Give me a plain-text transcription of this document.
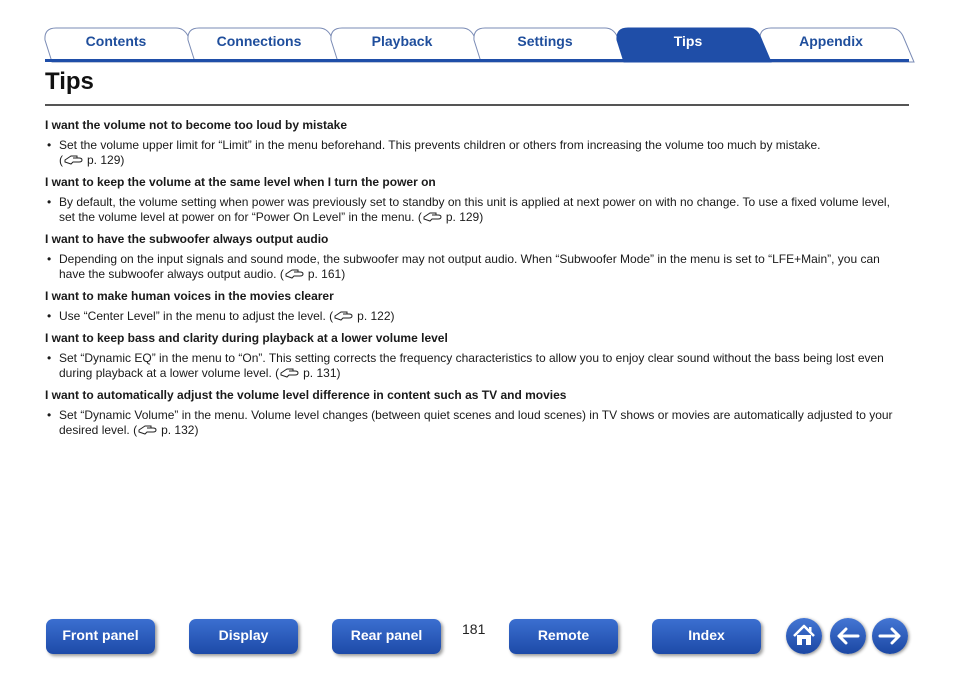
Contents	Connections	Playback	Settings	Tips	Appendix
Tips
I want the volume not to become too loud by mistake
• Set the volume upper limit for “Limit” in the menu beforehand. This prevents children or others from increasing the volume too much by mistake.
( p. 129)
I want to keep the volume at the same level when I turn the power on
• By default, the volume setting when power was previously set to standby on this unit is applied at next power on with no change. To use a fixed volume level, set the volume level at power on for “Power On Level” in the menu. ( p. 129)
I want to have the subwoofer always output audio
• Depending on the input signals and sound mode, the subwoofer may not output audio. When “Subwoofer Mode” in the menu is set to “LFE+Main”, you can have the subwoofer always output audio. ( p. 161)
I want to make human voices in the movies clearer
• Use “Center Level” in the menu to adjust the level. ( p. 122)
I want to keep bass and clarity during playback at a lower volume level
• Set “Dynamic EQ” in the menu to “On”. This setting corrects the frequency characteristics to allow you to enjoy clear sound without the bass being lost even during playback at a lower volume level. ( p. 131)
I want to automatically adjust the volume level difference in content such as TV and movies
• Set “Dynamic Volume” in the menu. Volume level changes (between quiet scenes and loud scenes) in TV shows or movies are automatically adjusted to your desired level. ( p. 132)
181
Front panel	Display	Rear panel	Remote	Index
